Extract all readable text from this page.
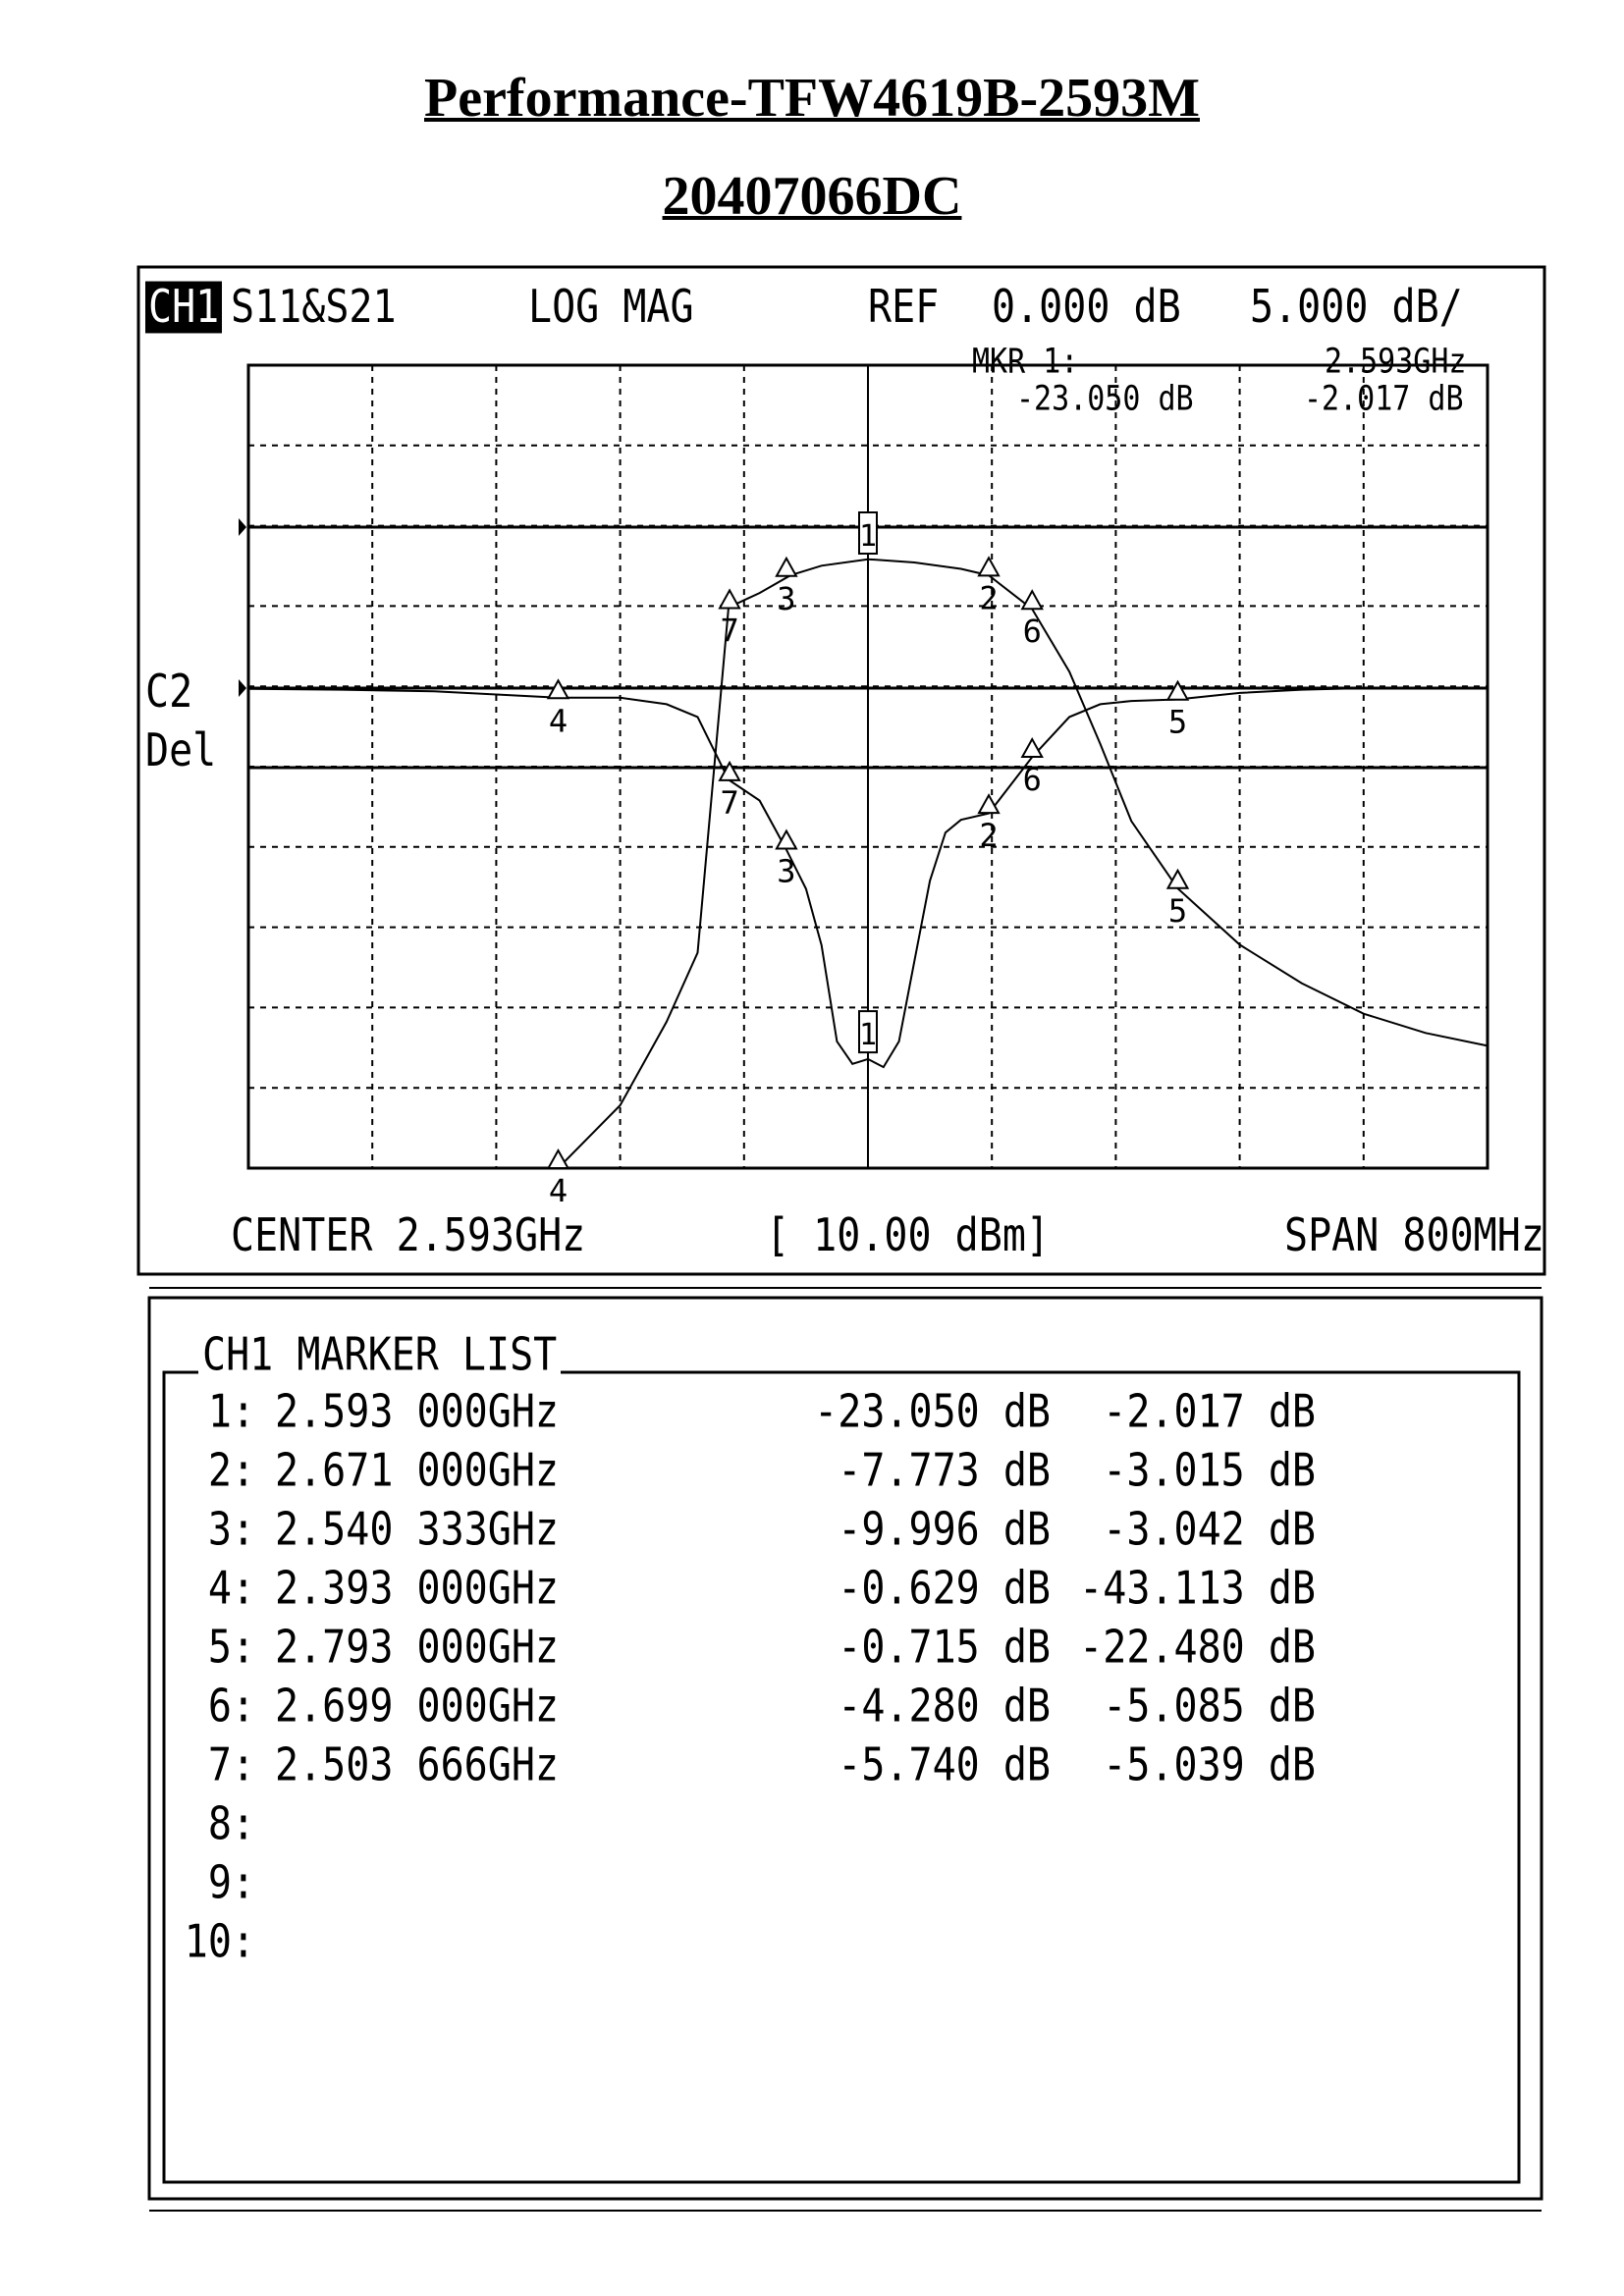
Performance-TFW4619B-2593M
20407066DC
1
1
2
2
3
3
4
4
5
5
6
6
7
7
CH1 S11&S21	LOG MAG	REF 0.000 dB 5.000 dB/
MKR 1:	2.593GHz
-23.050 dB	-2.017 dB
C2
Del
CENTER 2.593GHz	[ 10.00 dBm]	SPAN 800MHz
CH1 MARKER LIST
1: 2.593 000GHz	-23.050 dB	-2.017 dB
2: 2.671 000GHz	-7.773 dB	-3.015 dB
3: 2.540 333GHz	-9.996 dB	-3.042 dB
4: 2.393 000GHz	-0.629 dB -43.113 dB
5: 2.793 000GHz	-0.715 dB -22.480 dB
6: 2.699 000GHz	-4.280 dB	-5.085 dB
7: 2.503 666GHz	-5.740 dB	-5.039 dB
8:
9:
10:
